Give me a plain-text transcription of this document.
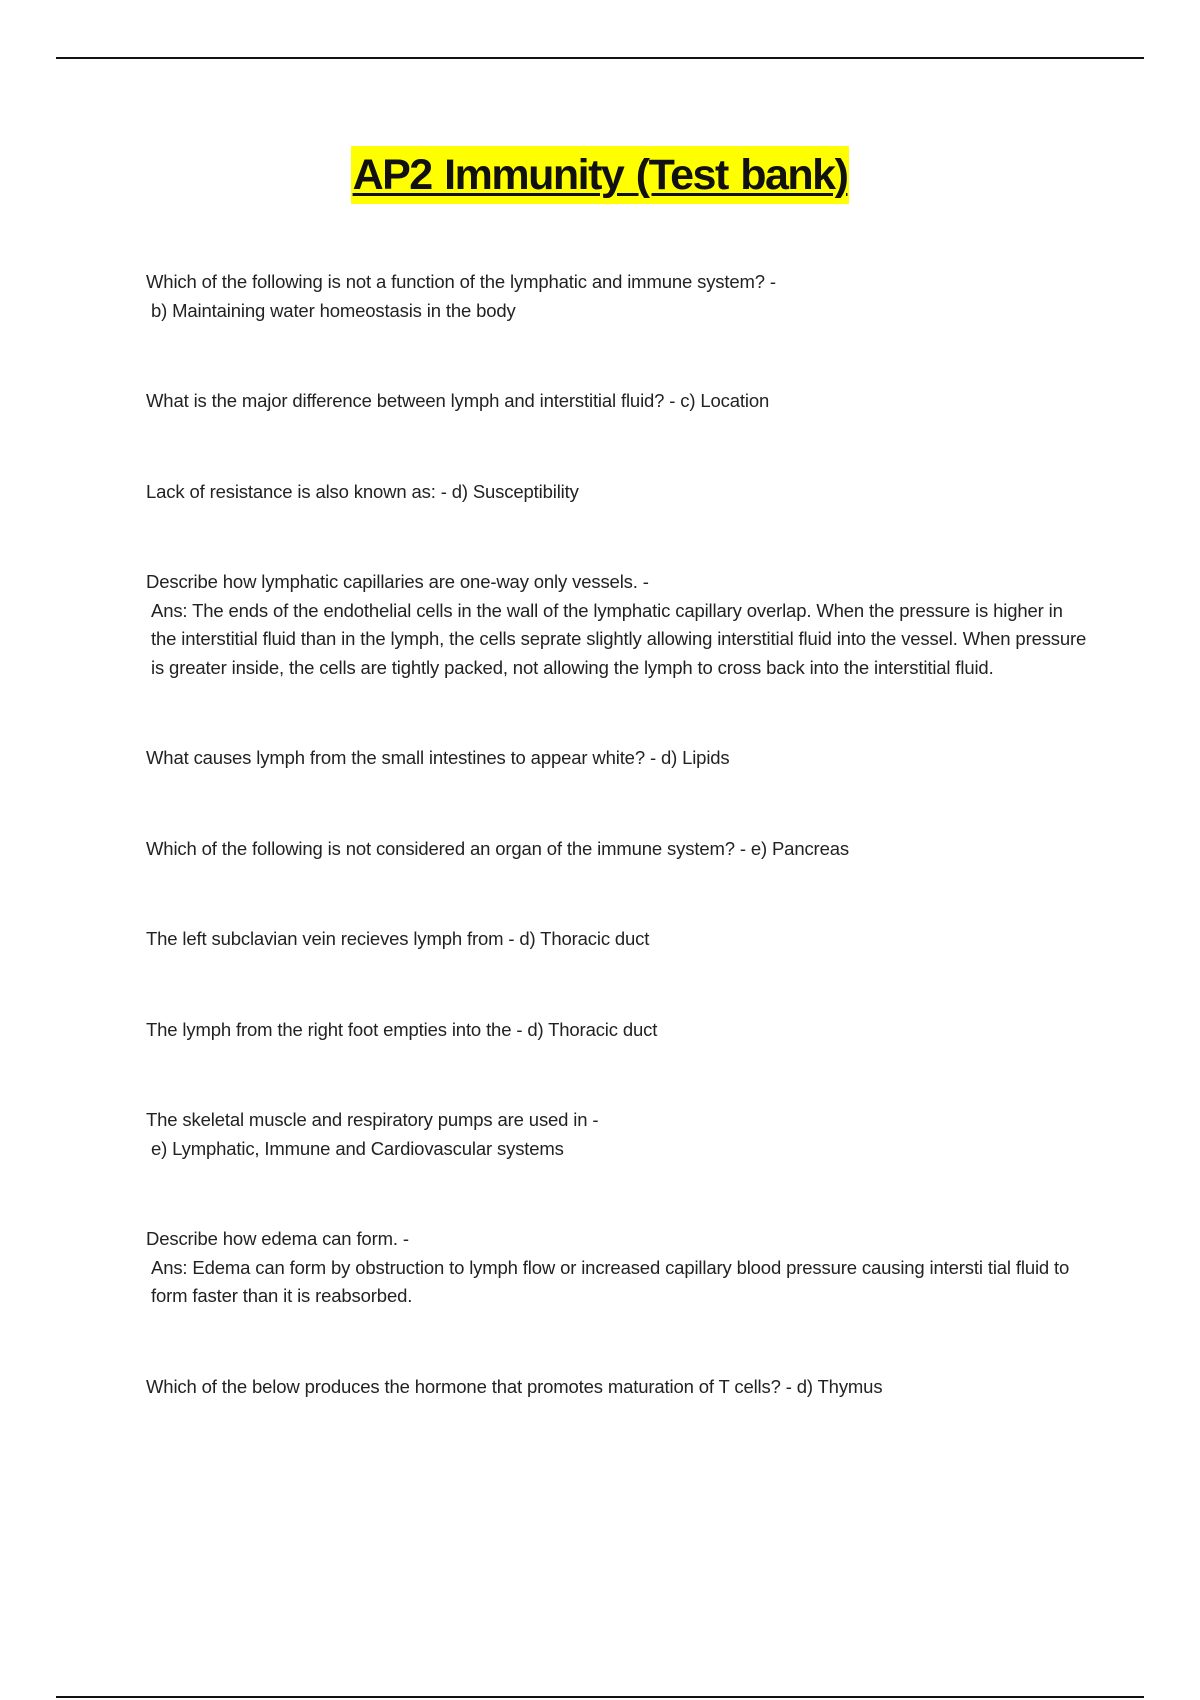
AP2 Immunity (Test bank)

Which of the following is not a function of the lymphatic and immune system? -

b) Maintaining water homeostasis in the body

What is the major difference between lymph and interstitial fluid? - c) Location

Lack of resistance is also known as: - d) Susceptibility

Describe how lymphatic capillaries are one-way only vessels. -

Ans: The ends of the endothelial cells in the wall of the lymphatic capillary overlap. When the pressure is higher in the interstitial fluid than in the lymph, the cells seprate slightly allowing interstitial fluid into the vessel. When pressure is greater inside, the cells are tightly packed, not allowing the lymph to cross back into the interstitial fluid.

What causes lymph from the small intestines to appear white? - d) Lipids

Which of the following is not considered an organ of the immune system? - e) Pancreas

The left subclavian vein recieves lymph from - d) Thoracic duct

The lymph from the right foot empties into the - d) Thoracic duct

The skeletal muscle and respiratory pumps are used in -

e) Lymphatic, Immune and Cardiovascular systems

Describe how edema can form. -

Ans: Edema can form by obstruction to lymph flow or increased capillary blood pressure causing intersti tial fluid to form faster than it is reabsorbed.

Which of the below produces the hormone that promotes maturation of T cells? - d) Thymus
